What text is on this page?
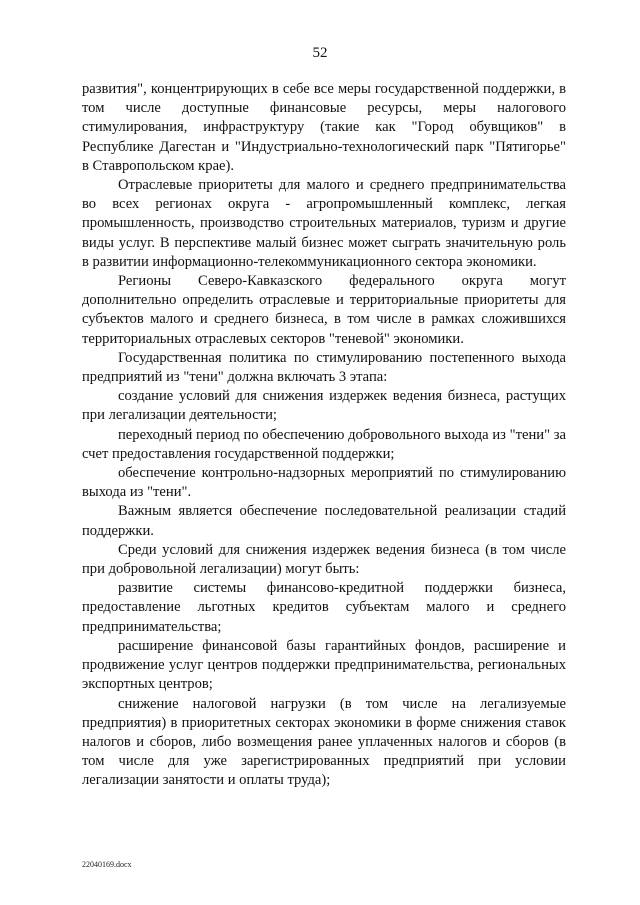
52

развития", концентрирующих в себе все меры государственной поддержки, в том числе доступные финансовые ресурсы, меры налогового стимулирования, инфраструктуру (такие как "Город обувщиков" в Республике Дагестан и "Индустриально-технологический парк "Пятигорье" в Ставропольском крае).

Отраслевые приоритеты для малого и среднего предпринимательства во всех регионах округа - агропромышленный комплекс, легкая промышленность, производство строительных материалов, туризм и другие виды услуг. В перспективе малый бизнес может сыграть значительную роль в развитии информационно-телекоммуникационного сектора экономики.

Регионы Северо-Кавказского федерального округа могут дополнительно определить отраслевые и территориальные приоритеты для субъектов малого и среднего бизнеса, в том числе в рамках сложившихся территориальных отраслевых секторов "теневой" экономики.

Государственная политика по стимулированию постепенного выхода предприятий из "тени" должна включать 3 этапа:

создание условий для снижения издержек ведения бизнеса, растущих при легализации деятельности;

переходный период по обеспечению добровольного выхода из "тени" за счет предоставления государственной поддержки;

обеспечение контрольно-надзорных мероприятий по стимулированию выхода из "тени".

Важным является обеспечение последовательной реализации стадий поддержки.

Среди условий для снижения издержек ведения бизнеса (в том числе при добровольной легализации) могут быть:

развитие системы финансово-кредитной поддержки бизнеса, предоставление льготных кредитов субъектам малого и среднего предпринимательства;

расширение финансовой базы гарантийных фондов, расширение и продвижение услуг центров поддержки предпринимательства, региональных экспортных центров;

снижение налоговой нагрузки (в том числе на легализуемые предприятия) в приоритетных секторах экономики в форме снижения ставок налогов и сборов, либо возмещения ранее уплаченных налогов и сборов (в том числе для уже зарегистрированных предприятий при условии легализации занятости и оплаты труда);

22040169.docx
